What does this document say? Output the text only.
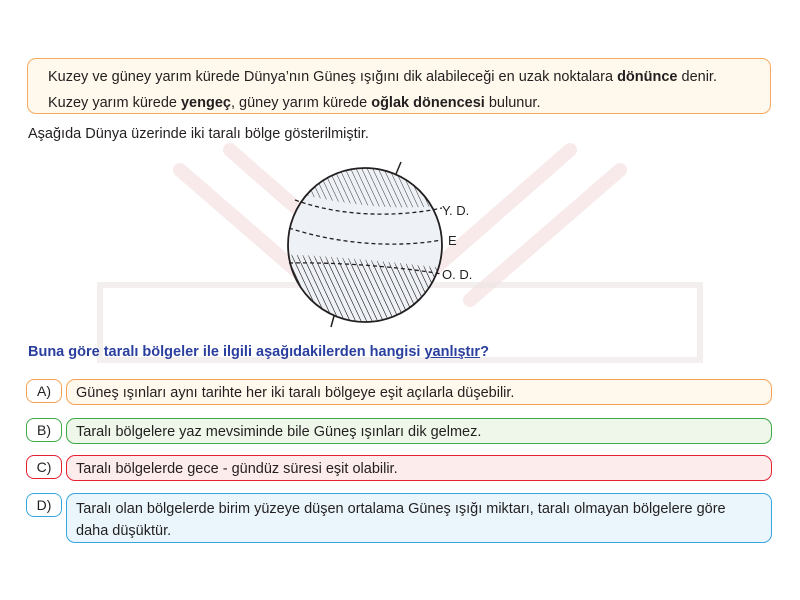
Kuzey ve güney yarım kürede Dünya’nın Güneş ışığını dik alabileceği en uzak noktalara dönünce denir.

Kuzey yarım kürede yengeç, güney yarım kürede oğlak dönencesi bulunur.

Aşağıda Dünya üzerinde iki taralı bölge gösterilmiştir.
Y. D.
E
O. D.
Buna göre taralı bölgeler ile ilgili aşağıdakilerden hangisi yanlıştır?
A)	Güneş ışınları aynı tarihte her iki taralı bölgeye eşit açılarla düşebilir.
B)	Taralı bölgelere yaz mevsiminde bile Güneş ışınları dik gelmez.
C)	Taralı bölgelerde gece - gündüz süresi eşit olabilir.
D)	Taralı olan bölgelerde birim yüzeye düşen ortalama Güneş ışığı miktarı, taralı olmayan bölgelere göre daha düşüktür.
